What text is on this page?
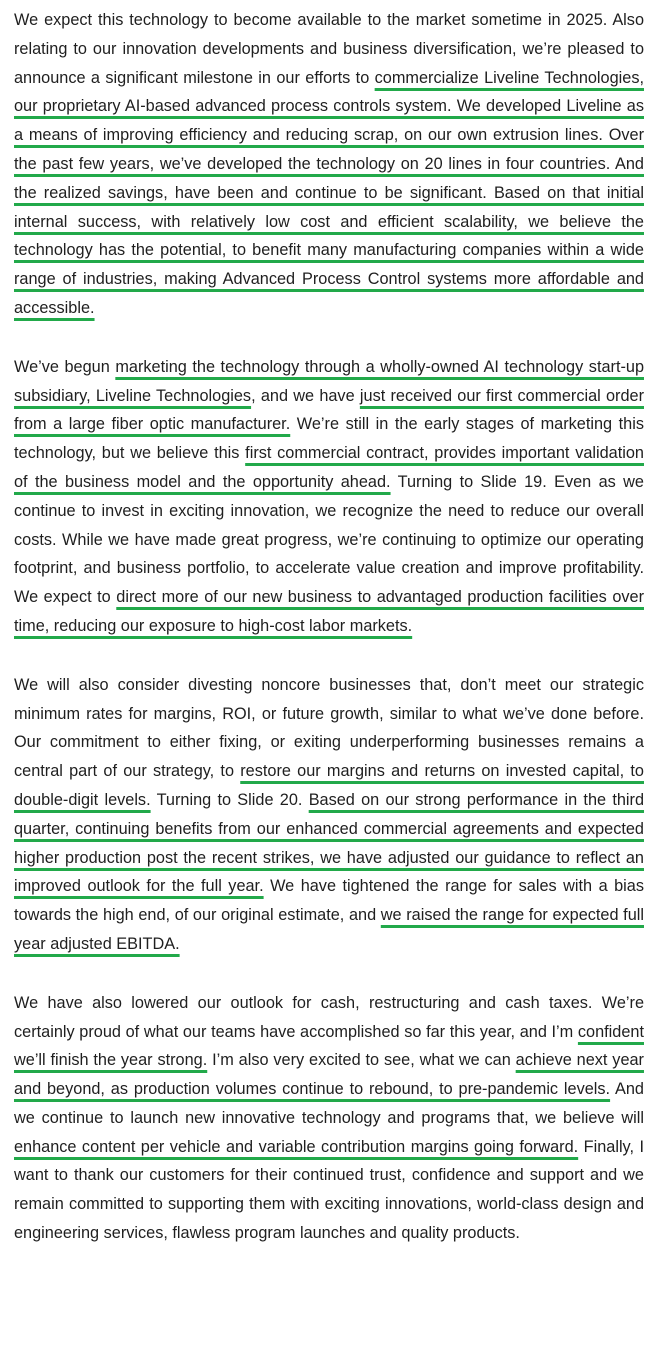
We expect this technology to become available to the market sometime in 2025. Also relating to our innovation developments and business diversification, we’re pleased to announce a significant milestone in our efforts to commercialize Liveline Technologies, our proprietary AI-based advanced process controls system. We developed Liveline as a means of improving efficiency and reducing scrap, on our own extrusion lines. Over the past few years, we’ve developed the technology on 20 lines in four countries. And the realized savings, have been and continue to be significant. Based on that initial internal success, with relatively low cost and efficient scalability, we believe the technology has the potential, to benefit many manufacturing companies within a wide range of industries, making Advanced Process Control systems more affordable and accessible.

We’ve begun marketing the technology through a wholly-owned AI technology start-up subsidiary, Liveline Technologies, and we have just received our first commercial order from a large fiber optic manufacturer. We’re still in the early stages of marketing this technology, but we believe this first commercial contract, provides important validation of the business model and the opportunity ahead. Turning to Slide 19. Even as we continue to invest in exciting innovation, we recognize the need to reduce our overall costs. While we have made great progress, we’re continuing to optimize our operating footprint, and business portfolio, to accelerate value creation and improve profitability. We expect to direct more of our new business to advantaged production facilities over time, reducing our exposure to high-cost labor markets.

We will also consider divesting noncore businesses that, don’t meet our strategic minimum rates for margins, ROI, or future growth, similar to what we’ve done before. Our commitment to either fixing, or exiting underperforming businesses remains a central part of our strategy, to restore our margins and returns on invested capital, to double-digit levels. Turning to Slide 20. Based on our strong performance in the third quarter, continuing benefits from our enhanced commercial agreements and expected higher production post the recent strikes, we have adjusted our guidance to reflect an improved outlook for the full year. We have tightened the range for sales with a bias towards the high end, of our original estimate, and we raised the range for expected full year adjusted EBITDA.

We have also lowered our outlook for cash, restructuring and cash taxes. We’re certainly proud of what our teams have accomplished so far this year, and I’m confident we’ll finish the year strong. I’m also very excited to see, what we can achieve next year and beyond, as production volumes continue to rebound, to pre-pandemic levels. And we continue to launch new innovative technology and programs that, we believe will enhance content per vehicle and variable contribution margins going forward. Finally, I want to thank our customers for their continued trust, confidence and support and we remain committed to supporting them with exciting innovations, world-class design and engineering services, flawless program launches and quality products.
